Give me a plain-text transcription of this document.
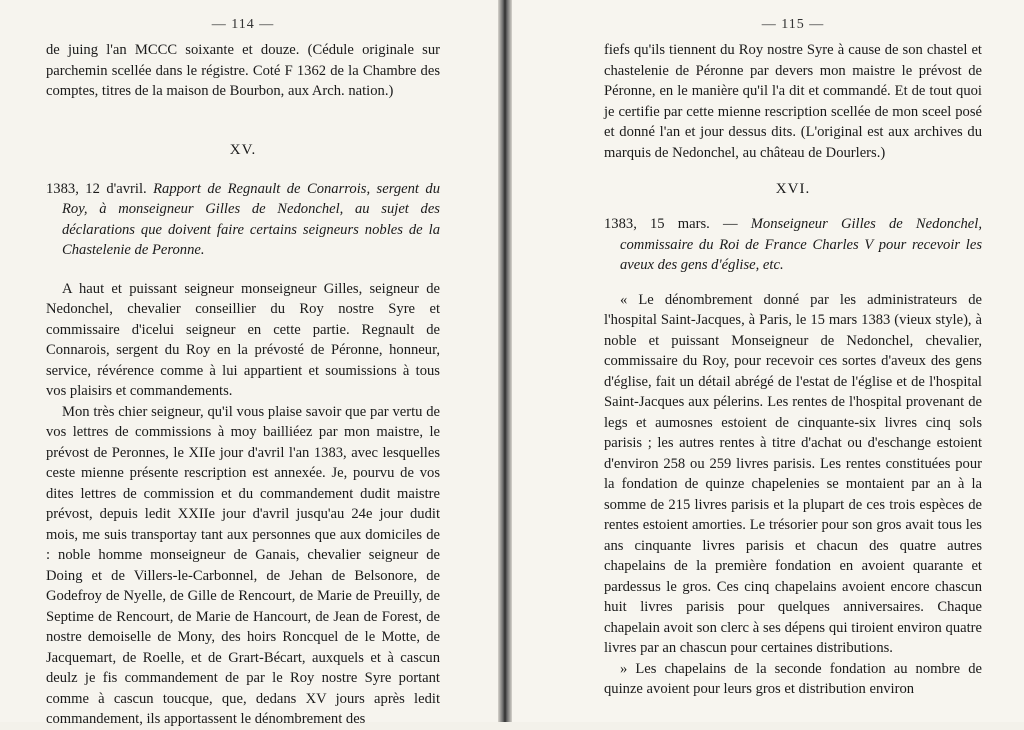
— 114 —

de juing l'an MCCC soixante et douze. (Cédule originale sur parchemin scellée dans le régistre. Coté F 1362 de la Chambre des comptes, titres de la maison de Bourbon, aux Arch. nation.)

XV.

1383, 12 d'avril. Rapport de Regnault de Conarrois, sergent du Roy, à monseigneur Gilles de Nedonchel, au sujet des déclarations que doivent faire certains seigneurs nobles de la Chastelenie de Peronne.

A haut et puissant seigneur monseigneur Gilles, seigneur de Nedonchel, chevalier conseillier du Roy nostre Syre et commissaire d'icelui seigneur en cette partie. Regnault de Connarois, sergent du Roy en la prévosté de Péronne, honneur, service, révérence comme à lui appartient et soumissions à tous vos plaisirs et commandements.

Mon très chier seigneur, qu'il vous plaise savoir que par vertu de vos lettres de commissions à moy bailliéez par mon maistre, le prévost de Peronnes, le XIIe jour d'avril l'an 1383, avec lesquelles ceste mienne présente rescription est annexée. Je, pourvu de vos dites lettres de commission et du commandement dudit maistre prévost, depuis ledit XXIIe jour d'avril jusqu'au 24e jour dudit mois, me suis transportay tant aux personnes que aux domiciles de : noble homme monseigneur de Ganais, chevalier seigneur de Doing et de Villers-le-Carbonnel, de Jehan de Belsonore, de Godefroy de Nyelle, de Gille de Rencourt, de Marie de Preuilly, de Septime de Rencourt, de Marie de Hancourt, de Jean de Forest, de nostre demoiselle de Mony, des hoirs Roncquel de le Motte, de Jacquemart, de Roelle, et de Grart-Bécart, auxquels et à cascun deulz je fis commandement de par le Roy nostre Syre portant comme à cascun toucque, que, dedans XV jours après ledit commandement, ils apportassent le dénombrement des

— 115 —

fiefs qu'ils tiennent du Roy nostre Syre à cause de son chastel et chastelenie de Péronne par devers mon maistre le prévost de Péronne, en le manière qu'il l'a dit et commandé. Et de tout quoi je certifie par cette mienne rescription scellée de mon sceel posé et donné l'an et jour dessus dits. (L'original est aux archives du marquis de Nedonchel, au château de Dourlers.)

XVI.

1383, 15 mars. — Monseigneur Gilles de Nedonchel, commissaire du Roi de France Charles V pour recevoir les aveux des gens d'église, etc.

« Le dénombrement donné par les administrateurs de l'hospital Saint-Jacques, à Paris, le 15 mars 1383 (vieux style), à noble et puissant Monseigneur de Nedonchel, chevalier, commissaire du Roy, pour recevoir ces sortes d'aveux des gens d'église, fait un détail abrégé de l'estat de l'église et de l'hospital Saint-Jacques aux pélerins. Les rentes de l'hospital provenant de legs et aumosnes estoient de cinquante-six livres cinq sols parisis ; les autres rentes à titre d'achat ou d'eschange estoient d'environ 258 ou 259 livres parisis. Les rentes constituées pour la fondation de quinze chapelenies se montaient par an à la somme de 215 livres parisis et la plupart de ces trois espèces de rentes estoient amorties. Le trésorier pour son gros avait tous les ans cinquante livres parisis et chacun des quatre autres chapelains de la première fondation en avoient quarante et pardessus le gros. Ces cinq chapelains avoient encore chascun huit livres parisis pour quelques anniversaires. Chaque chapelain avoit son clerc à ses dépens qui tiroient environ quatre livres par an chascun pour certaines distributions.

» Les chapelains de la seconde fondation au nombre de quinze avoient pour leurs gros et distribution environ
